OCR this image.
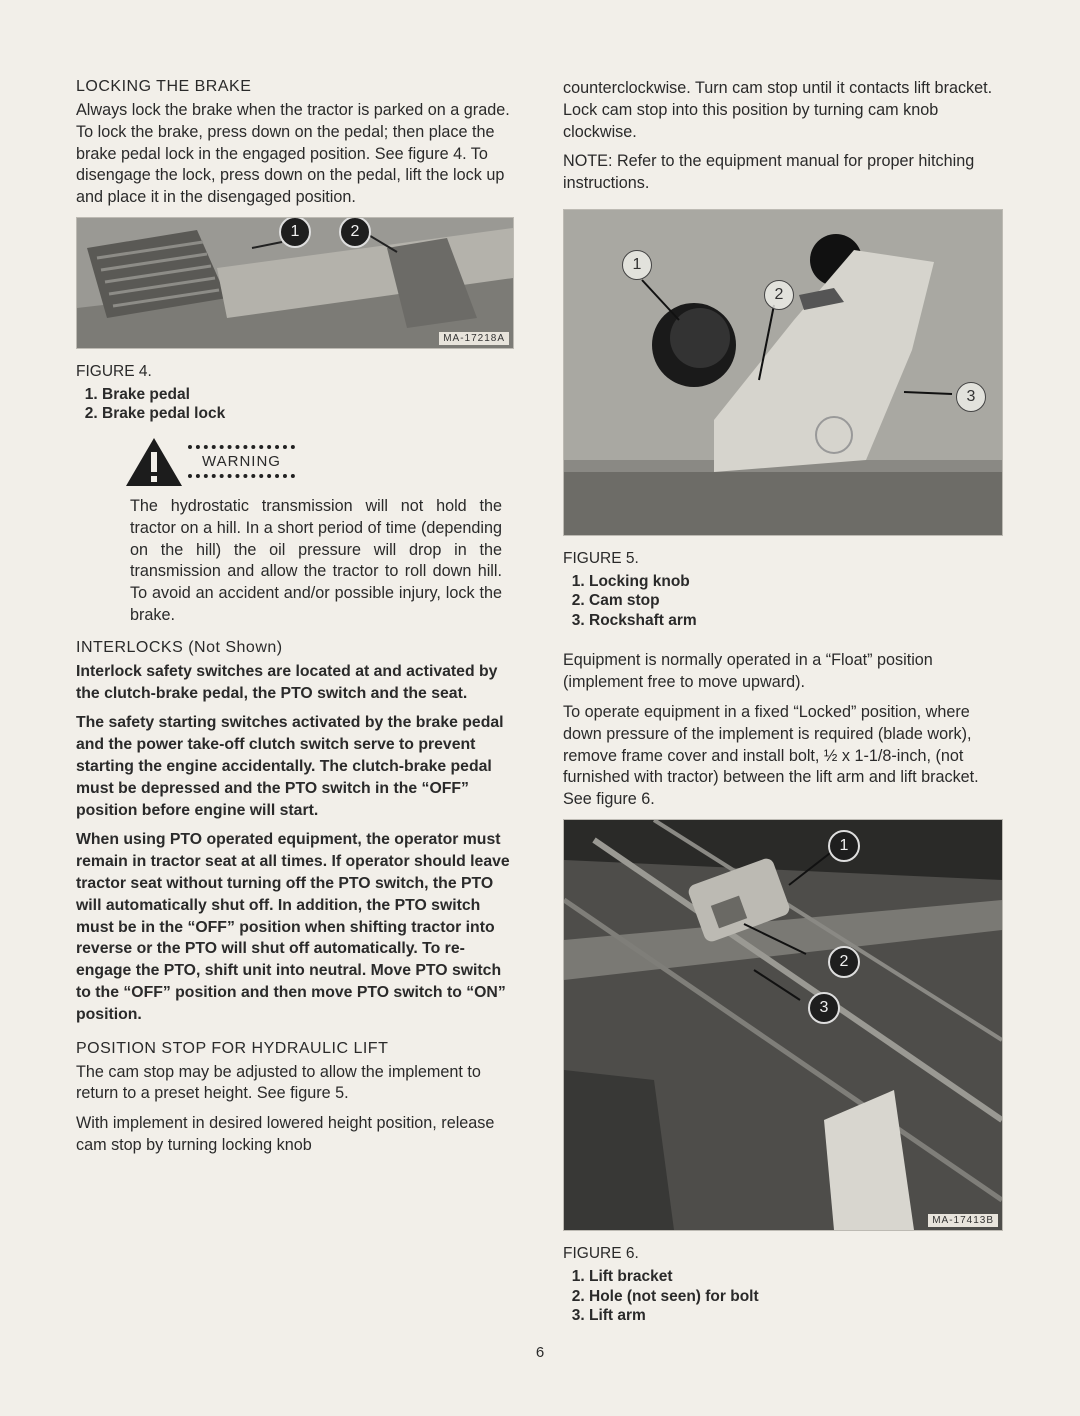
LOCKING THE BRAKE

Always lock the brake when the tractor is parked on a grade. To lock the brake, press down on the pedal; then place the brake pedal lock in the engaged position. See figure 4. To disengage the lock, press down on the pedal, lift the lock up and place it in the disengaged position.

1	2
MA-17218A
FIGURE 4.
1. Brake pedal
2. Brake pedal lock
WARNING

The hydrostatic transmission will not hold the tractor on a hill. In a short period of time (depending on the hill) the oil pressure will drop in the transmission and allow the tractor to roll down hill. To avoid an accident and/or possible injury, lock the brake.

INTERLOCKS (Not Shown)

Interlock safety switches are located at and activated by the clutch-brake pedal, the PTO switch and the seat.

The safety starting switches activated by the brake pedal and the power take-off clutch switch serve to prevent starting the engine accidentally. The clutch-brake pedal must be depressed and the PTO switch in the “OFF” position before engine will start.

When using PTO operated equipment, the operator must remain in tractor seat at all times. If operator should leave tractor seat without turning off the PTO switch, the PTO will automatically shut off. In addition, the PTO switch must be in the “OFF” position when shifting tractor into reverse or the PTO will shut off automatically. To re-engage the PTO, shift unit into neutral. Move PTO switch to the “OFF” position and then move PTO switch to “ON” position.

POSITION STOP FOR HYDRAULIC LIFT

The cam stop may be adjusted to allow the implement to return to a preset height. See figure 5.

With implement in desired lowered height position, release cam stop by turning locking knob

counterclockwise. Turn cam stop until it contacts lift bracket. Lock cam stop into this position by turning cam knob clockwise.

NOTE: Refer to the equipment manual for proper hitching instructions.

1
2
3
FIGURE 5.
1. Locking knob
2. Cam stop
3. Rockshaft arm

Equipment is normally operated in a “Float” position (implement free to move upward).

To operate equipment in a fixed “Locked” position, where down pressure of the implement is required (blade work), remove frame cover and install bolt, ½ x 1-1/8-inch, (not furnished with tractor) between the lift arm and lift bracket. See figure 6.

1
2
3
MA-17413B
FIGURE 6.
1. Lift bracket
2. Hole (not seen) for bolt
3. Lift arm
6
